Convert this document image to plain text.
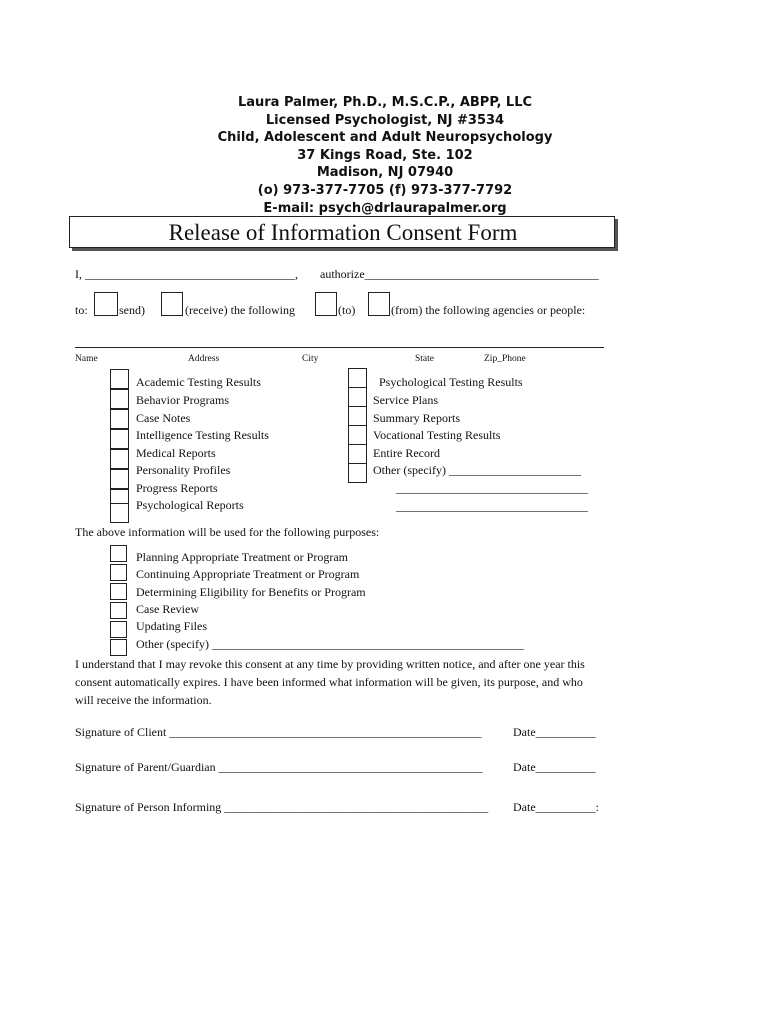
Laura Palmer, Ph.D., M.S.C.P., ABPP, LLC
Licensed Psychologist, NJ #3534
Child, Adolescent and Adult Neuropsychology
37 Kings Road, Ste. 102
Madison, NJ 07940
(o) 973-377-7705 (f) 973-377-7792
E-mail: psych@drlaurapalmer.org
Release of Information Consent Form
I, ___________________________________, authorize_______________________________________
to:	send)	(receive) the following	(to)	(from) the following agencies or people:
Name	Address	City	State	Zip_Phone
Academic Testing Results
Behavior Programs
Case Notes
Intelligence Testing Results
Medical Reports
Personality Profiles
Progress Reports
Psychological Reports
Psychological Testing Results
Service Plans
Summary Reports
Vocational Testing Results
Entire Record
Other (specify) ______________________
________________________________
________________________________
The above information will be used for the following purposes:
Planning Appropriate Treatment or Program
Continuing Appropriate Treatment or Program
Determining Eligibility for Benefits or Program
Case Review
Updating Files
Other (specify) ____________________________________________________
I understand that I may revoke this consent at any time by providing written notice, and after one year this
consent automatically expires. I have been informed what information will be given, its purpose, and who
will receive the information.
Signature of Client ____________________________________________________	Date__________
Signature of Parent/Guardian ____________________________________________	Date__________
Signature of Person Informing ____________________________________________ Date__________:
